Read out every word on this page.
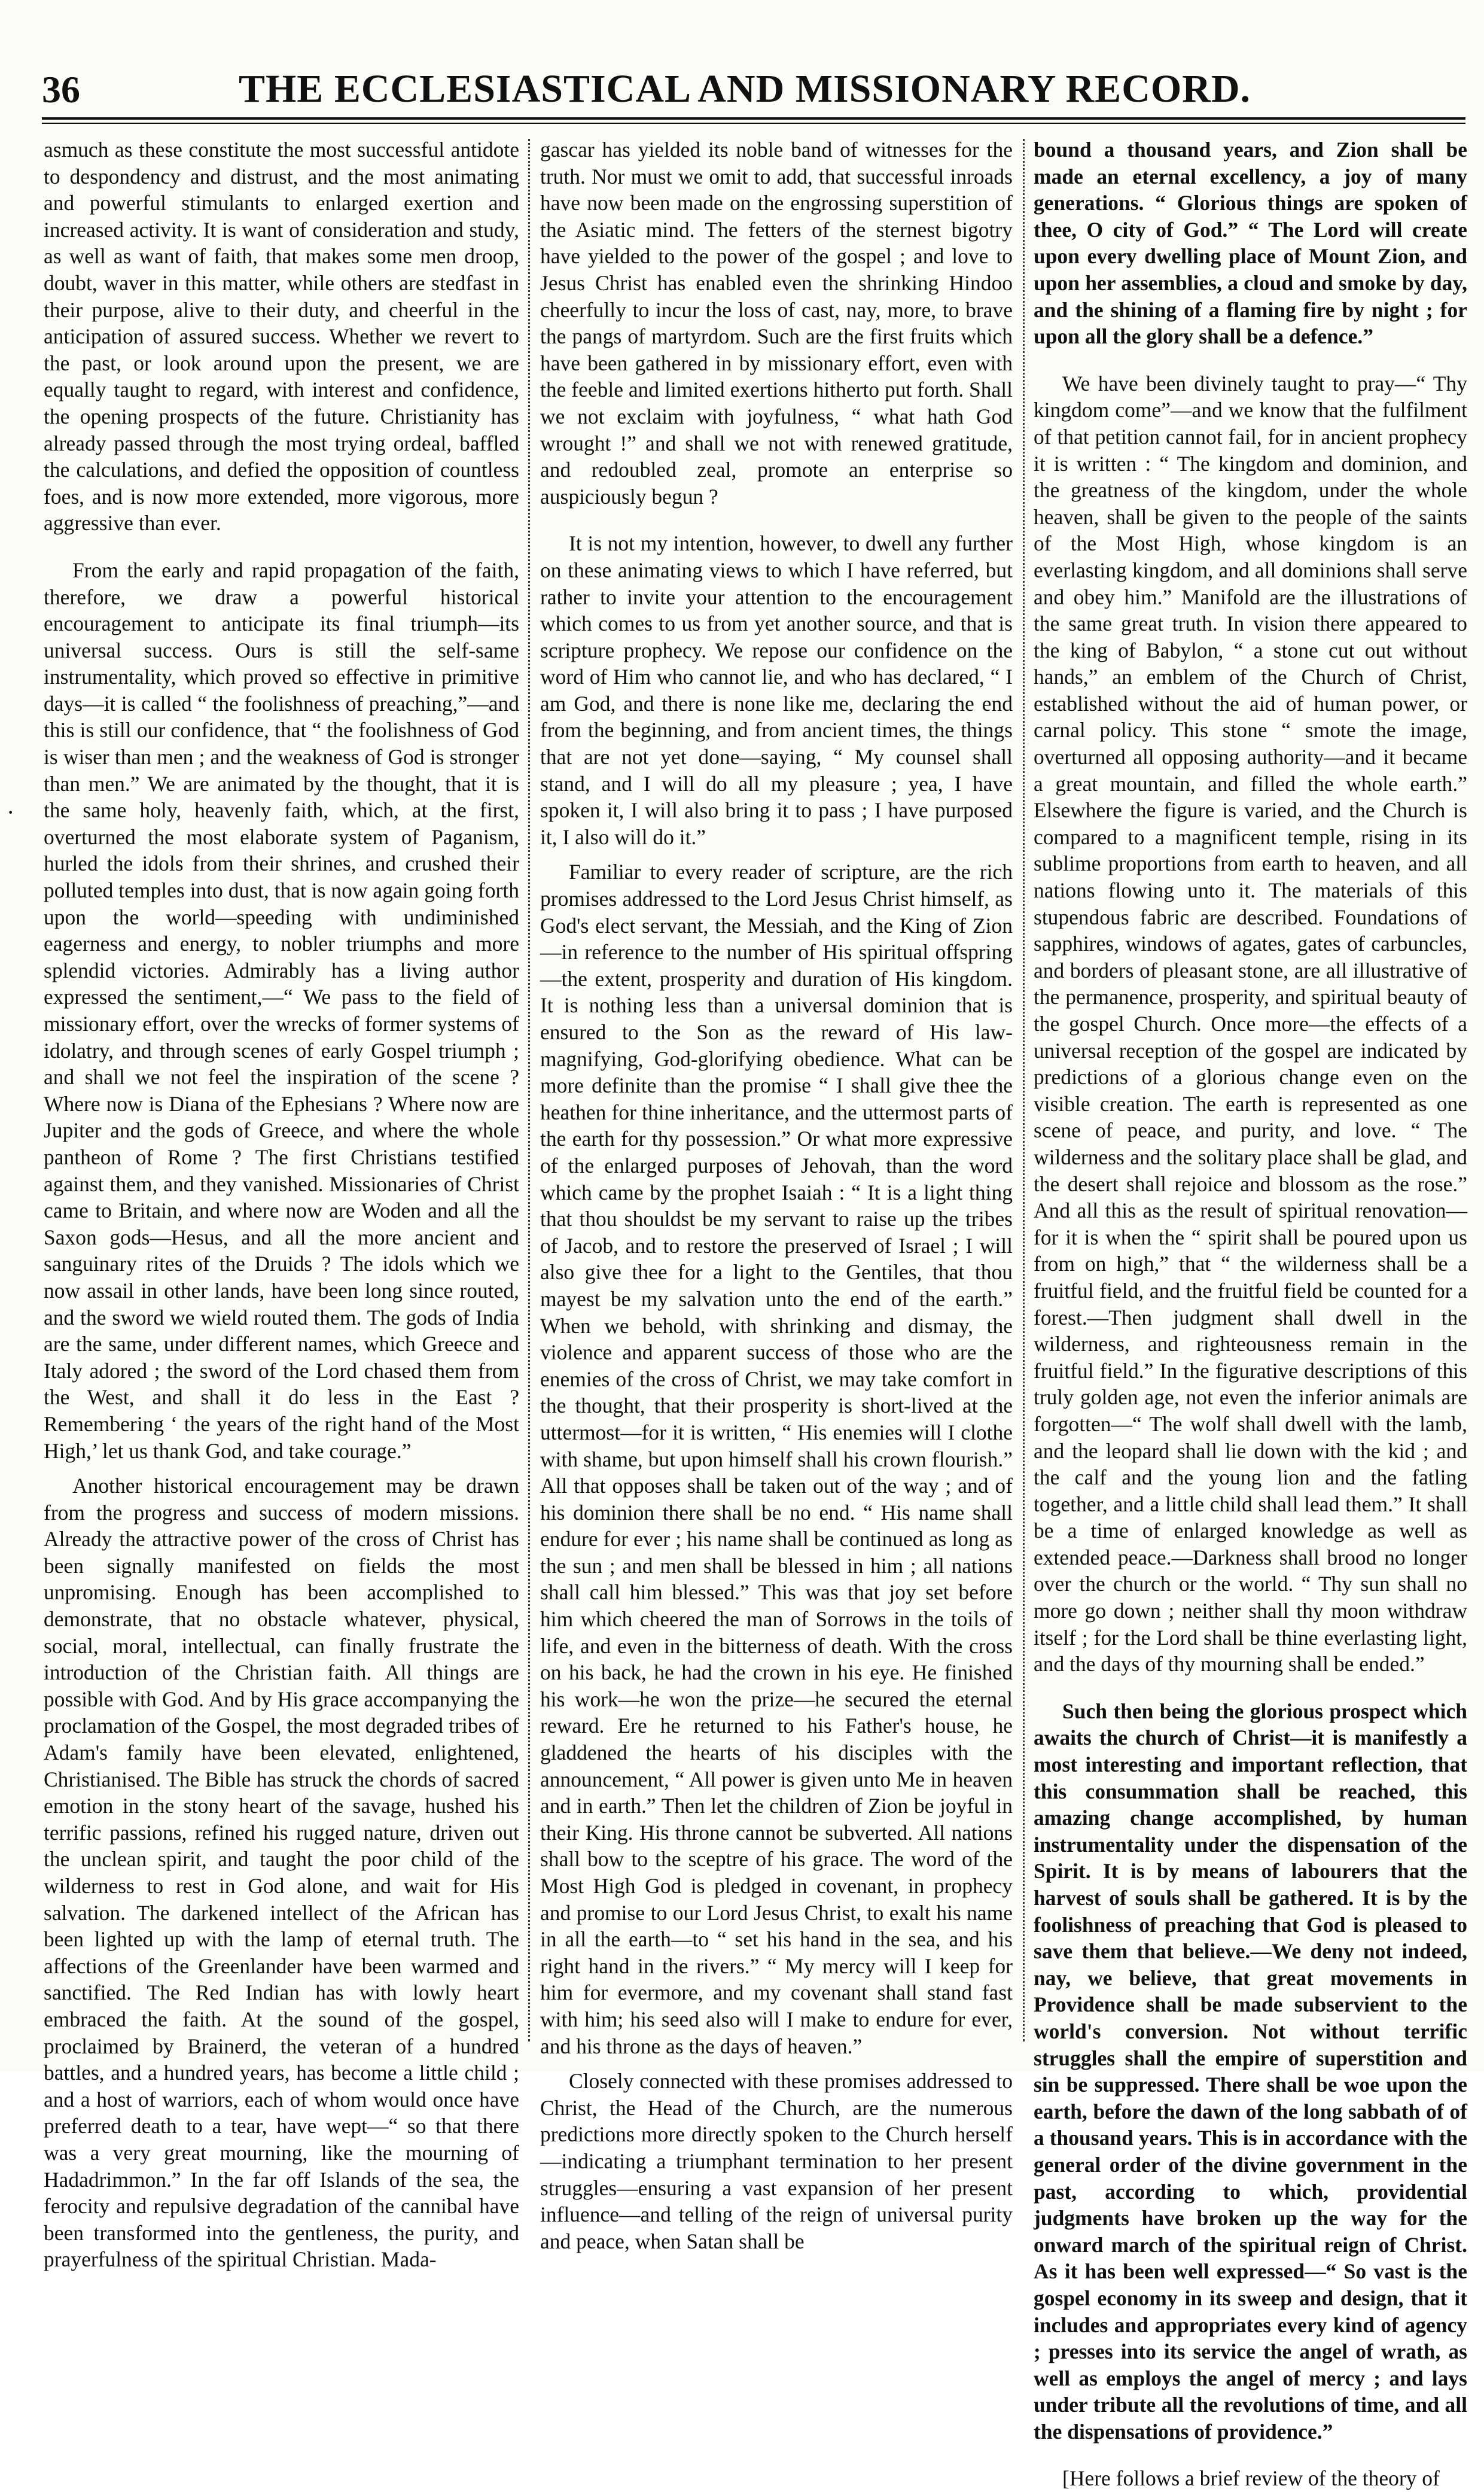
36	THE ECCLESIASTICAL AND MISSIONARY RECORD.
·

asmuch as these constitute the most successful antidote to despondency and distrust, and the most animating and powerful stimulants to enlarged exertion and increased activity. It is want of consideration and study, as well as want of faith, that makes some men droop, doubt, waver in this matter, while others are stedfast in their purpose, alive to their duty, and cheerful in the anticipation of assured success. Whether we revert to the past, or look around upon the present, we are equally taught to regard, with interest and confidence, the opening prospects of the future. Christianity has already passed through the most trying ordeal, baffled the calculations, and defied the opposition of countless foes, and is now more extended, more vigorous, more aggressive than ever.

From the early and rapid propagation of the faith, therefore, we draw a powerful historical encouragement to anticipate its final triumph—its universal success. Ours is still the self-same instrumentality, which proved so effective in primitive days—it is called “ the foolishness of preaching,”—and this is still our confidence, that “ the foolishness of God is wiser than men ; and the weakness of God is stronger than men.” We are animated by the thought, that it is the same holy, heavenly faith, which, at the first, overturned the most elaborate system of Paganism, hurled the idols from their shrines, and crushed their polluted temples into dust, that is now again going forth upon the world—speeding with undiminished eagerness and energy, to nobler triumphs and more splendid victories. Admirably has a living author expressed the sentiment,—“ We pass to the field of missionary effort, over the wrecks of former systems of idolatry, and through scenes of early Gospel triumph ; and shall we not feel the inspiration of the scene ? Where now is Diana of the Ephesians ? Where now are Jupiter and the gods of Greece, and where the whole pantheon of Rome ? The first Christians testified against them, and they vanished. Missionaries of Christ came to Britain, and where now are Woden and all the Saxon gods—Hesus, and all the more ancient and sanguinary rites of the Druids ? The idols which we now assail in other lands, have been long since routed, and the sword we wield routed them. The gods of India are the same, under different names, which Greece and Italy adored ; the sword of the Lord chased them from the West, and shall it do less in the East ? Remembering ‘ the years of the right hand of the Most High,’ let us thank God, and take courage.”

Another historical encouragement may be drawn from the progress and success of modern missions. Already the attractive power of the cross of Christ has been signally manifested on fields the most unpromising. Enough has been accomplished to demonstrate, that no obstacle whatever, physical, social, moral, intellectual, can finally frustrate the introduction of the Christian faith. All things are possible with God. And by His grace accompanying the proclamation of the Gospel, the most degraded tribes of Adam's family have been elevated, enlightened, Christianised. The Bible has struck the chords of sacred emotion in the stony heart of the savage, hushed his terrific passions, refined his rugged nature, driven out the unclean spirit, and taught the poor child of the wilderness to rest in God alone, and wait for His salvation. The darkened intellect of the African has been lighted up with the lamp of eternal truth. The affections of the Greenlander have been warmed and sanctified. The Red Indian has with lowly heart embraced the faith. At the sound of the gospel, proclaimed by Brainerd, the veteran of a hundred battles, and a hundred years, has become a little child ; and a host of warriors, each of whom would once have preferred death to a tear, have wept—“ so that there was a very great mourning, like the mourning of Hadadrimmon.” In the far off Islands of the sea, the ferocity and repulsive degradation of the cannibal have been transformed into the gentleness, the purity, and prayerfulness of the spiritual Christian. Mada-

gascar has yielded its noble band of witnesses for the truth. Nor must we omit to add, that successful inroads have now been made on the engrossing superstition of the Asiatic mind. The fetters of the sternest bigotry have yielded to the power of the gospel ; and love to Jesus Christ has enabled even the shrinking Hindoo cheerfully to incur the loss of cast, nay, more, to brave the pangs of martyrdom. Such are the first fruits which have been gathered in by missionary effort, even with the feeble and limited exertions hitherto put forth. Shall we not exclaim with joyfulness, “ what hath God wrought !” and shall we not with renewed gratitude, and redoubled zeal, promote an enterprise so auspiciously begun ?

It is not my intention, however, to dwell any further on these animating views to which I have referred, but rather to invite your attention to the encouragement which comes to us from yet another source, and that is scripture prophecy. We repose our confidence on the word of Him who cannot lie, and who has declared, “ I am God, and there is none like me, declaring the end from the beginning, and from ancient times, the things that are not yet done—saying, “ My counsel shall stand, and I will do all my pleasure ; yea, I have spoken it, I will also bring it to pass ; I have purposed it, I also will do it.”

Familiar to every reader of scripture, are the rich promises addressed to the Lord Jesus Christ himself, as God's elect servant, the Messiah, and the King of Zion—in reference to the number of His spiritual offspring—the extent, prosperity and duration of His kingdom. It is nothing less than a universal dominion that is ensured to the Son as the reward of His law-magnifying, God-glorifying obedience. What can be more definite than the promise “ I shall give thee the heathen for thine inheritance, and the uttermost parts of the earth for thy possession.” Or what more expressive of the enlarged purposes of Jehovah, than the word which came by the prophet Isaiah : “ It is a light thing that thou shouldst be my servant to raise up the tribes of Jacob, and to restore the preserved of Israel ; I will also give thee for a light to the Gentiles, that thou mayest be my salvation unto the end of the earth.” When we behold, with shrinking and dismay, the violence and apparent success of those who are the enemies of the cross of Christ, we may take comfort in the thought, that their prosperity is short-lived at the uttermost—for it is written, “ His enemies will I clothe with shame, but upon himself shall his crown flourish.” All that opposes shall be taken out of the way ; and of his dominion there shall be no end. “ His name shall endure for ever ; his name shall be continued as long as the sun ; and men shall be blessed in him ; all nations shall call him blessed.” This was that joy set before him which cheered the man of Sorrows in the toils of life, and even in the bitterness of death. With the cross on his back, he had the crown in his eye. He finished his work—he won the prize—he secured the eternal reward. Ere he returned to his Father's house, he gladdened the hearts of his disciples with the announcement, “ All power is given unto Me in heaven and in earth.” Then let the children of Zion be joyful in their King. His throne cannot be subverted. All nations shall bow to the sceptre of his grace. The word of the Most High God is pledged in covenant, in prophecy and promise to our Lord Jesus Christ, to exalt his name in all the earth—to “ set his hand in the sea, and his right hand in the rivers.” “ My mercy will I keep for him for evermore, and my covenant shall stand fast with him; his seed also will I make to endure for ever, and his throne as the days of heaven.”

Closely connected with these promises addressed to Christ, the Head of the Church, are the numerous predictions more directly spoken to the Church herself—indicating a triumphant termination to her present struggles—ensuring a vast expansion of her present influence—and telling of the reign of universal purity and peace, when Satan shall be

bound a thousand years, and Zion shall be made an eternal excellency, a joy of many generations. “ Glorious things are spoken of thee, O city of God.” “ The Lord will create upon every dwelling place of Mount Zion, and upon her assemblies, a cloud and smoke by day, and the shining of a flaming fire by night ; for upon all the glory shall be a defence.”

We have been divinely taught to pray—“ Thy kingdom come”—and we know that the fulfilment of that petition cannot fail, for in ancient prophecy it is written : “ The kingdom and dominion, and the greatness of the kingdom, under the whole heaven, shall be given to the people of the saints of the Most High, whose kingdom is an everlasting kingdom, and all dominions shall serve and obey him.” Manifold are the illustrations of the same great truth. In vision there appeared to the king of Babylon, “ a stone cut out without hands,” an emblem of the Church of Christ, established without the aid of human power, or carnal policy. This stone “ smote the image, overturned all opposing authority—and it became a great mountain, and filled the whole earth.” Elsewhere the figure is varied, and the Church is compared to a magnificent temple, rising in its sublime proportions from earth to heaven, and all nations flowing unto it. The materials of this stupendous fabric are described. Foundations of sapphires, windows of agates, gates of carbuncles, and borders of pleasant stone, are all illustrative of the permanence, prosperity, and spiritual beauty of the gospel Church. Once more—the effects of a universal reception of the gospel are indicated by predictions of a glorious change even on the visible creation. The earth is represented as one scene of peace, and purity, and love. “ The wilderness and the solitary place shall be glad, and the desert shall rejoice and blossom as the rose.” And all this as the result of spiritual renovation—for it is when the “ spirit shall be poured upon us from on high,” that “ the wilderness shall be a fruitful field, and the fruitful field be counted for a forest.—Then judgment shall dwell in the wilderness, and righteousness remain in the fruitful field.” In the figurative descriptions of this truly golden age, not even the inferior animals are forgotten—“ The wolf shall dwell with the lamb, and the leopard shall lie down with the kid ; and the calf and the young lion and the fatling together, and a little child shall lead them.” It shall be a time of enlarged knowledge as well as extended peace.—Darkness shall brood no longer over the church or the world. “ Thy sun shall no more go down ; neither shall thy moon withdraw itself ; for the Lord shall be thine everlasting light, and the days of thy mourning shall be ended.”

Such then being the glorious prospect which awaits the church of Christ—it is manifestly a most interesting and important reflection, that this consummation shall be reached, this amazing change accomplished, by human instrumentality under the dispensation of the Spirit. It is by means of labourers that the harvest of souls shall be gathered. It is by the foolishness of preaching that God is pleased to save them that believe.—We deny not indeed, nay, we believe, that great movements in Providence shall be made subservient to the world's conversion. Not without terrific struggles shall the empire of superstition and sin be suppressed. There shall be woe upon the earth, before the dawn of the long sabbath of of a thousand years. This is in accordance with the general order of the divine government in the past, according to which, providential judgments have broken up the way for the onward march of the spiritual reign of Christ. As it has been well expressed—“ So vast is the gospel economy in its sweep and design, that it includes and appropriates every kind of agency ; presses into its service the angel of wrath, as well as employs the angel of mercy ; and lays under tribute all the revolutions of time, and all the dispensations of providence.”

[Here follows a brief review of the theory of
